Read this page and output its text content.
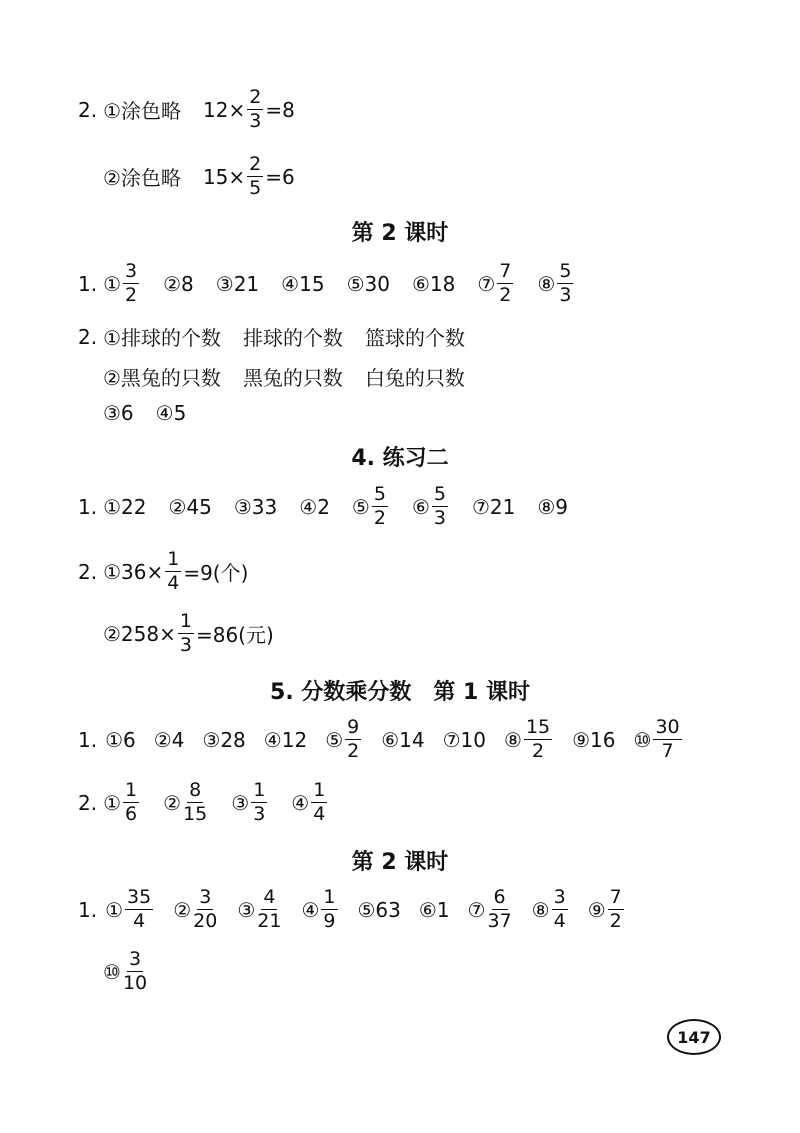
2. ①涂色略 $12\times \frac{2}{3} =8$
②涂色略 $15\times \frac{2}{5} =6$
第 2 课时
1. ① $\frac{3}{2}$ ②8 ③21 ④15 ⑤30 ⑥18 ⑦ $\frac{7}{2}$ ⑧ $\frac{5}{3}$
2. ①排球的个数 排球的个数 篮球的个数
②黑兔的只数 黑兔的只数 白兔的只数
③6 ④5
4. 练习二
1. ①22 ②45 ③33 ④2 ⑤ $\frac{5}{2}$ ⑥ $\frac{5}{3}$ ⑦21 ⑧9
2. ①36× $\frac{1}{4} =9$(个)
②258× $\frac{1}{3} =86$(元)
5. 分数乘分数　第 1 课时
1. ①6 ②4 ③28 ④12 ⑤ $\frac{9}{2}$ ⑥14 ⑦10 ⑧ $\frac{15}{2}$ ⑨16 ⑩ $\frac{30}{7}$
2. ① $\frac{1}{6}$ ② $\frac{8}{15}$ ③ $\frac{1}{3}$ ④ $\frac{1}{4}$
第 2 课时
1. ① $\frac{35}{4}$ ② $\frac{3}{20}$ ③ $\frac{4}{21}$ ④ $\frac{1}{9}$ ⑤63 ⑥1 ⑦ $\frac{6}{37}$ ⑧ $\frac{3}{4}$ ⑨ $\frac{7}{2}$
⑩ $\frac{3}{10}$
147
